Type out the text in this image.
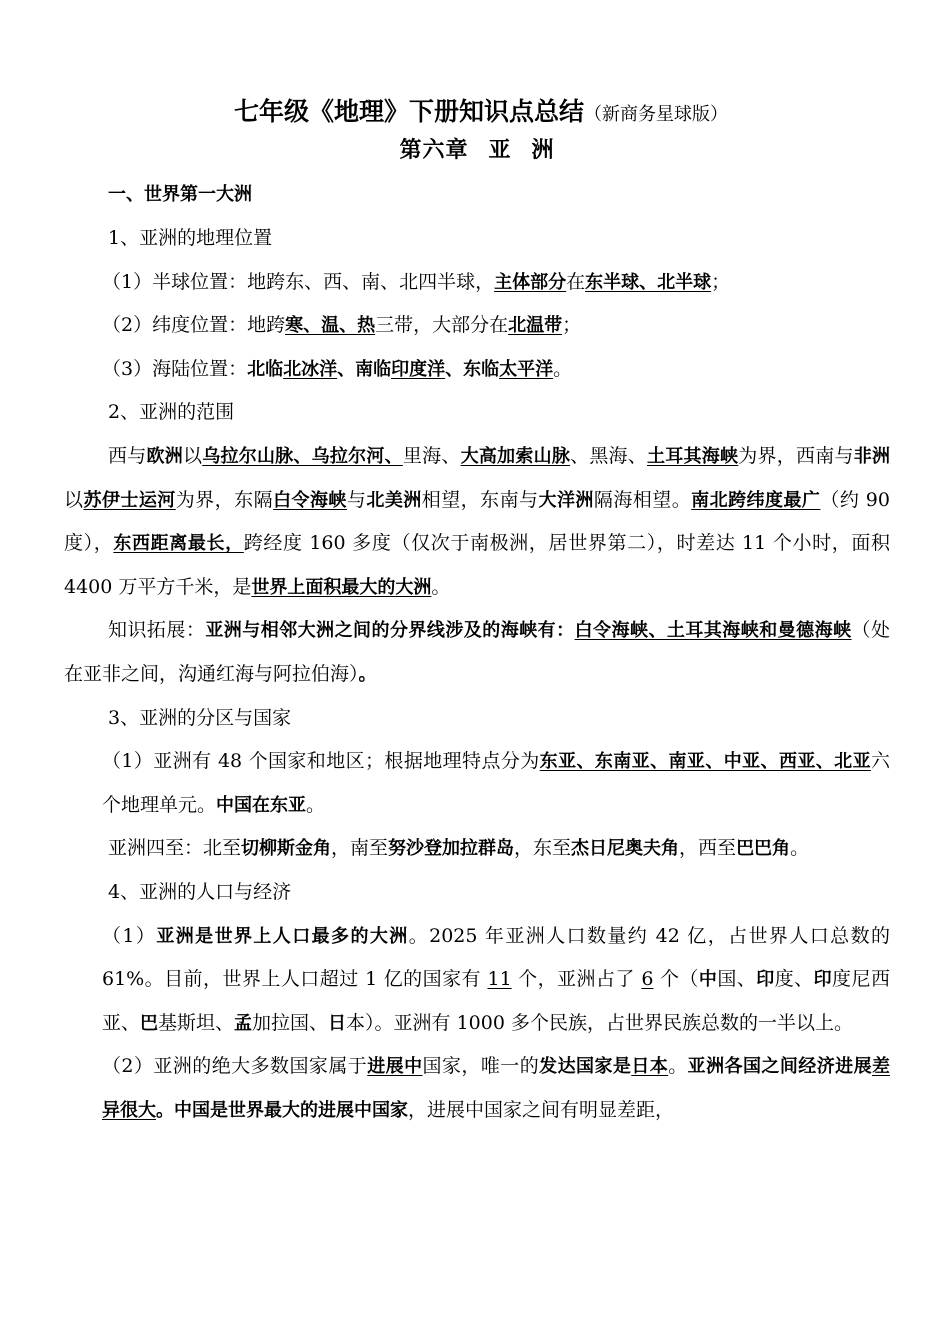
七年级《地理》下册知识点总结（新商务星球版）
第六章 亚 洲

一、世界第一大洲

1、亚洲的地理位置

（1）半球位置：地跨东、西、南、北四半球，主体部分在东半球、北半球；

（2）纬度位置：地跨寒、温、热三带，大部分在北温带；

（3）海陆位置：北临北冰洋、南临印度洋、东临太平洋。

2、亚洲的范围

西与欧洲以乌拉尔山脉、乌拉尔河、里海、大高加索山脉、黑海、土耳其海峡为界，西南与非洲以苏伊士运河为界，东隔白令海峡与北美洲相望，东南与大洋洲隔海相望。南北跨纬度最广（约 90 度），东西距离最长，跨经度 160 多度（仅次于南极洲，居世界第二），时差达 11 个小时，面积 4400 万平方千米，是世界上面积最大的大洲。

知识拓展：亚洲与相邻大洲之间的分界线涉及的海峡有：白令海峡、土耳其海峡和曼德海峡（处在亚非之间，沟通红海与阿拉伯海）。

3、亚洲的分区与国家

（1）亚洲有 48 个国家和地区；根据地理特点分为东亚、东南亚、南亚、中亚、西亚、北亚六个地理单元。中国在东亚。

亚洲四至：北至切柳斯金角，南至努沙登加拉群岛，东至杰日尼奥夫角，西至巴巴角。

4、亚洲的人口与经济

（1）亚洲是世界上人口最多的大洲。2025 年亚洲人口数量约 42 亿，占世界人口总数的 61%。目前，世界上人口超过 1 亿的国家有 11 个，亚洲占了 6 个（中国、印度、印度尼西亚、巴基斯坦、孟加拉国、日本）。亚洲有 1000 多个民族，占世界民族总数的一半以上。

（2）亚洲的绝大多数国家属于进展中国家，唯一的发达国家是日本。亚洲各国之间经济进展差异很大。中国是世界最大的进展中国家，进展中国家之间有明显差距，
